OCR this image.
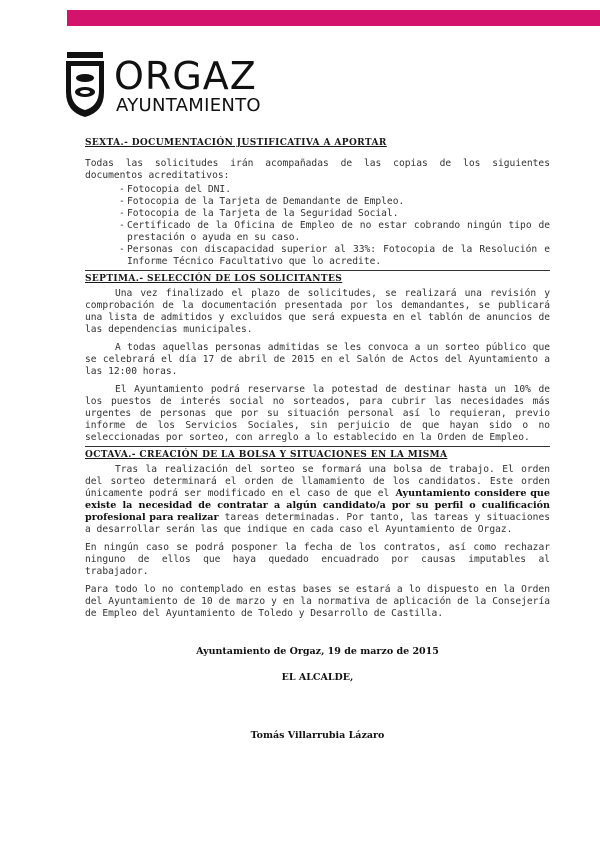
ORGAZ
AYUNTAMIENTO
SEXTA.- DOCUMENTACIÓN JUSTIFICATIVA A APORTAR
Todas las solicitudes irán acompañadas de las copias de los siguientes documentos acreditativos:
- Fotocopia del DNI.
- Fotocopia de la Tarjeta de Demandante de Empleo.
- Fotocopia de la Tarjeta de la Seguridad Social.
- Certificado de la Oficina de Empleo de no estar cobrando ningún tipo de prestación o ayuda en su caso.
- Personas con discapacidad superior al 33%: Fotocopia de la Resolución e Informe Técnico Facultativo que lo acredite.
SEPTIMA.- SELECCIÓN DE LOS SOLICITANTES
Una vez finalizado el plazo de solicitudes, se realizará una revisión y comprobación de la documentación presentada por los demandantes, se publicará una lista de admitidos y excluidos que será expuesta en el tablón de anuncios de las dependencias municipales.
A todas aquellas personas admitidas se les convoca a un sorteo público que se celebrará el día 17 de abril de 2015 en el Salón de Actos del Ayuntamiento a las 12:00 horas.
El Ayuntamiento podrá reservarse la potestad de destinar hasta un 10% de los puestos de interés social no sorteados, para cubrir las necesidades más urgentes de personas que por su situación personal así lo requieran, previo informe de los Servicios Sociales, sin perjuicio de que hayan sido o no seleccionadas por sorteo, con arreglo a lo establecido en la Orden de Empleo.
OCTAVA.- CREACIÓN DE LA BOLSA Y SITUACIONES EN LA MISMA
Tras la realización del sorteo se formará una bolsa de trabajo. El orden del sorteo determinará el orden de llamamiento de los candidatos. Este orden únicamente podrá ser modificado en el caso de que el Ayuntamiento considere que existe la necesidad de contratar a algún candidato/a por su perfil o cualificación profesional para realizar tareas determinadas. Por tanto, las tareas y situaciones a desarrollar serán las que indique en cada caso el Ayuntamiento de Orgaz.
En ningún caso se podrá posponer la fecha de los contratos, así como rechazar ninguno de ellos que haya quedado encuadrado por causas imputables al trabajador.
Para todo lo no contemplado en estas bases se estará a lo dispuesto en la Orden del Ayuntamiento de 10 de marzo y en la normativa de aplicación de la Consejería de Empleo del Ayuntamiento de Toledo y Desarrollo de Castilla.
Ayuntamiento de Orgaz, 19 de marzo de 2015
EL ALCALDE,
Tomás Villarrubia Lázaro
